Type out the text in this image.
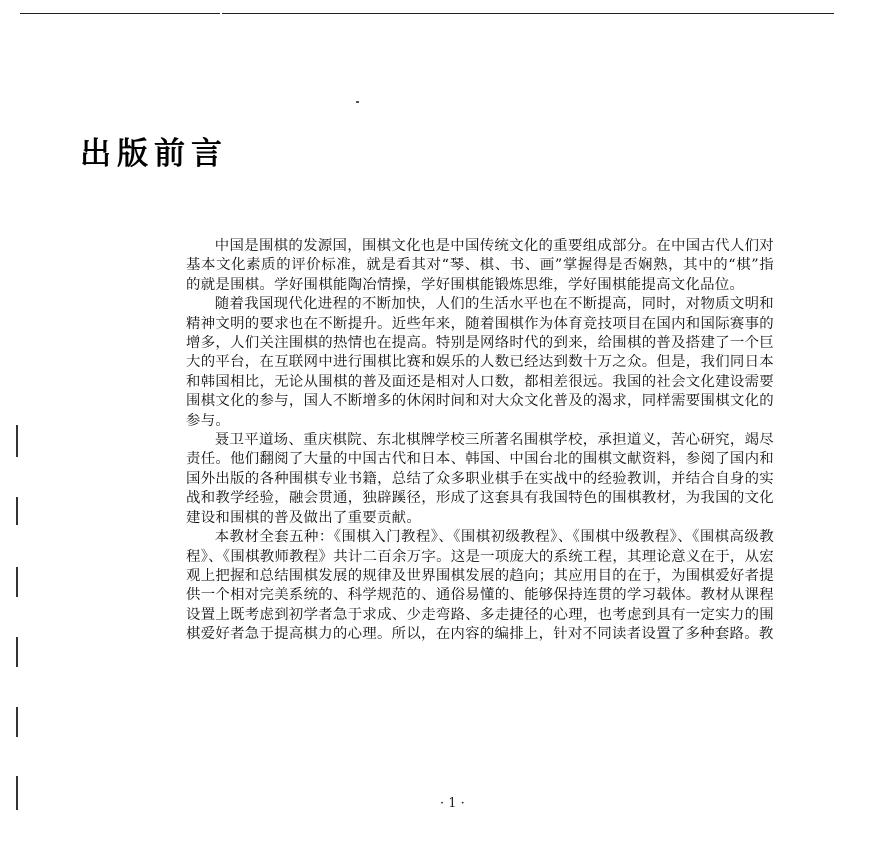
出版前言

中国是围棋的发源国，围棋文化也是中国传统文化的重要组成部分。在中国古代人们对基本文化素质的评价标准，就是看其对“琴、棋、书、画”掌握得是否娴熟，其中的“棋”指的就是围棋。学好围棋能陶冶情操，学好围棋能锻炼思维，学好围棋能提高文化品位。

随着我国现代化进程的不断加快，人们的生活水平也在不断提高，同时，对物质文明和精神文明的要求也在不断提升。近些年来，随着围棋作为体育竞技项目在国内和国际赛事的增多，人们关注围棋的热情也在提高。特别是网络时代的到来，给围棋的普及搭建了一个巨大的平台，在互联网中进行围棋比赛和娱乐的人数已经达到数十万之众。但是，我们同日本和韩国相比，无论从围棋的普及面还是相对人口数，都相差很远。我国的社会文化建设需要围棋文化的参与，国人不断增多的休闲时间和对大众文化普及的渴求，同样需要围棋文化的参与。

聂卫平道场、重庆棋院、东北棋牌学校三所著名围棋学校，承担道义，苦心研究，竭尽责任。他们翻阅了大量的中国古代和日本、韩国、中国台北的围棋文献资料，参阅了国内和国外出版的各种围棋专业书籍，总结了众多职业棋手在实战中的经验教训，并结合自身的实战和教学经验，融会贯通，独辟蹊径，形成了这套具有我国特色的围棋教材，为我国的文化建设和围棋的普及做出了重要贡献。

本教材全套五种：《围棋入门教程》、《围棋初级教程》、《围棋中级教程》、《围棋高级教程》、《围棋教师教程》共计二百余万字。这是一项庞大的系统工程，其理论意义在于，从宏观上把握和总结围棋发展的规律及世界围棋发展的趋向；其应用目的在于，为围棋爱好者提供一个相对完美系统的、科学规范的、通俗易懂的、能够保持连贯的学习载体。教材从课程设置上既考虑到初学者急于求成、少走弯路、多走捷径的心理，也考虑到具有一定实力的围棋爱好者急于提高棋力的心理。所以，在内容的编排上，针对不同读者设置了多种套路。教

· 1 ·
